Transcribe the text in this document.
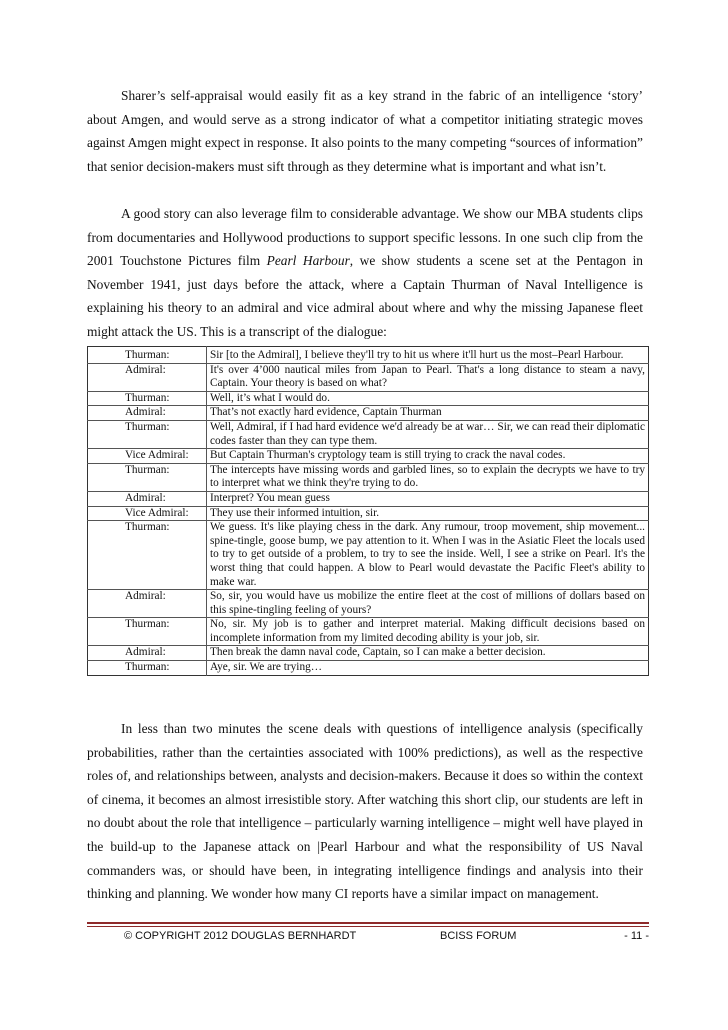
Sharer’s self-appraisal would easily fit as a key strand in the fabric of an intelligence ‘story’ about Amgen, and would serve as a strong indicator of what a competitor initiating strategic moves against Amgen might expect in response. It also points to the many competing “sources of information” that senior decision-makers must sift through as they determine what is important and what isn’t.

A good story can also leverage film to considerable advantage. We show our MBA students clips from documentaries and Hollywood productions to support specific lessons. In one such clip from the 2001 Touchstone Pictures film Pearl Harbour, we show students a scene set at the Pentagon in November 1941, just days before the attack, where a Captain Thurman of Naval Intelligence is explaining his theory to an admiral and vice admiral about where and why the missing Japanese fleet might attack the US. This is a transcript of the dialogue:

Thurman:	Sir [to the Admiral], I believe they'll try to hit us where it'll hurt us the most–Pearl Harbour.
Admiral:	It's over 4’000 nautical miles from Japan to Pearl. That's a long distance to steam a navy, Captain. Your theory is based on what?
Thurman:	Well, it’s what I would do.
Admiral:	That’s not exactly hard evidence, Captain Thurman
Thurman:	Well, Admiral, if I had hard evidence we'd already be at war… Sir, we can read their diplomatic codes faster than they can type them.
Vice Admiral:	But Captain Thurman's cryptology team is still trying to crack the naval codes.
Thurman:	The intercepts have missing words and garbled lines, so to explain the decrypts we have to try to interpret what we think they're trying to do.
Admiral:	Interpret? You mean guess
Vice Admiral:	They use their informed intuition, sir.
Thurman:	We guess. It's like playing chess in the dark. Any rumour, troop movement, ship movement... spine-tingle, goose bump, we pay attention to it. When I was in the Asiatic Fleet the locals used to try to get outside of a problem, to try to see the inside. Well, I see a strike on Pearl. It's the worst thing that could happen. A blow to Pearl would devastate the Pacific Fleet's ability to make war.
Admiral:	So, sir, you would have us mobilize the entire fleet at the cost of millions of dollars based on this spine-tingling feeling of yours?
Thurman:	No, sir. My job is to gather and interpret material. Making difficult decisions based on incomplete information from my limited decoding ability is your job, sir.
Admiral:	Then break the damn naval code, Captain, so I can make a better decision.
Thurman:	Aye, sir. We are trying…

In less than two minutes the scene deals with questions of intelligence analysis (specifically probabilities, rather than the certainties associated with 100% predictions), as well as the respective roles of, and relationships between, analysts and decision-makers. Because it does so within the context of cinema, it becomes an almost irresistible story. After watching this short clip, our students are left in no doubt about the role that intelligence – particularly warning intelligence – might well have played in the build-up to the Japanese attack on |Pearl Harbour and what the responsibility of US Naval commanders was, or should have been, in integrating intelligence findings and analysis into their thinking and planning. We wonder how many CI reports have a similar impact on management.

© COPYRIGHT 2012 DOUGLAS BERNHARDT	BCISS FORUM	- 11 -
